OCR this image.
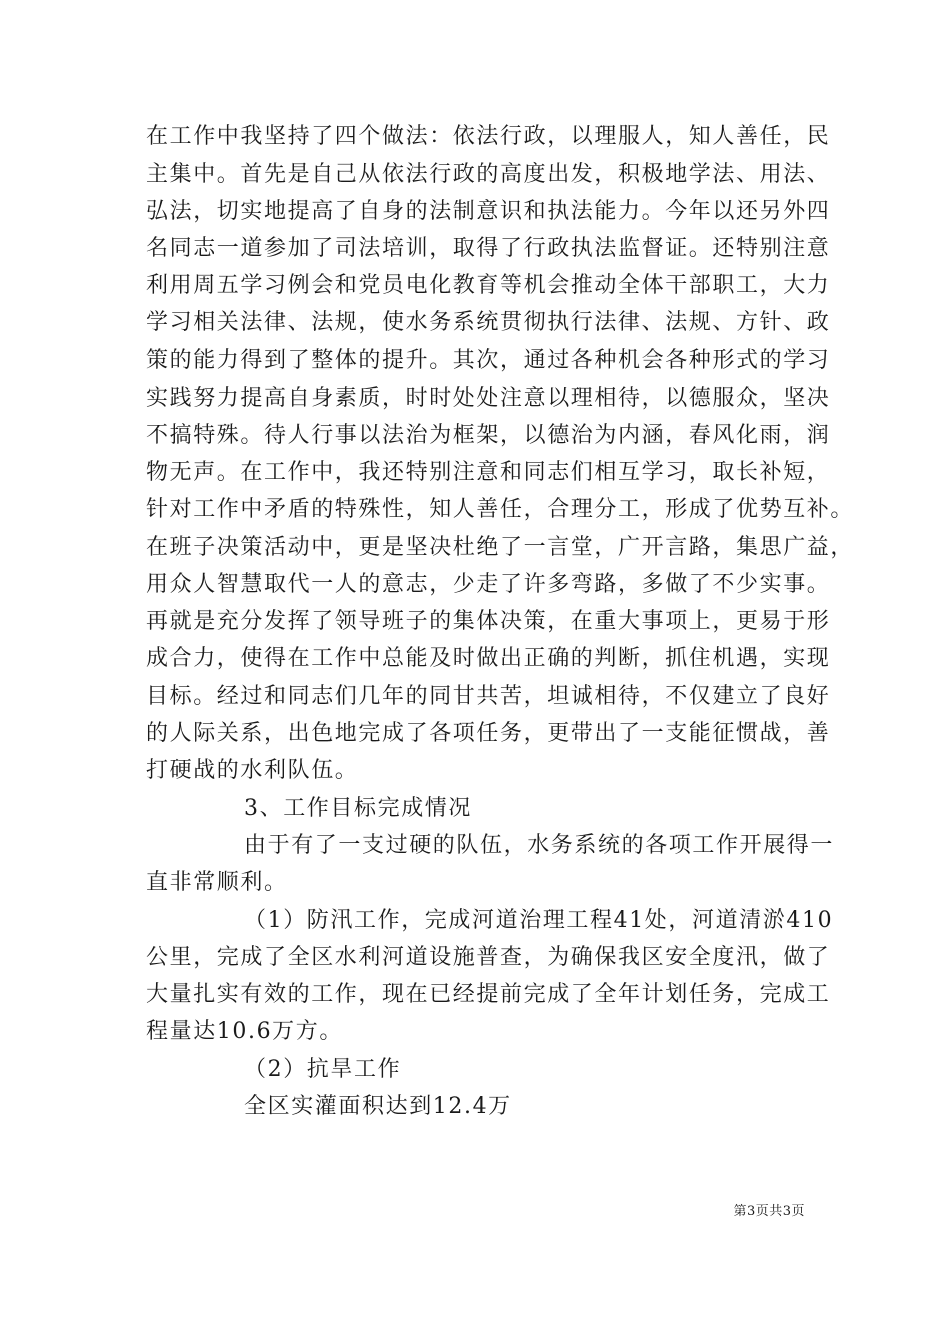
在工作中我坚持了四个做法：依法行政，以理服人，知人善任，民
主集中。首先是自己从依法行政的高度出发，积极地学法、用法、
弘法，切实地提高了自身的法制意识和执法能力。今年以还另外四
名同志一道参加了司法培训，取得了行政执法监督证。还特别注意
利用周五学习例会和党员电化教育等机会推动全体干部职工，大力
学习相关法律、法规，使水务系统贯彻执行法律、法规、方针、政
策的能力得到了整体的提升。其次，通过各种机会各种形式的学习
实践努力提高自身素质，时时处处注意以理相待，以德服众，坚决
不搞特殊。待人行事以法治为框架，以德治为内涵，春风化雨，润
物无声。在工作中，我还特别注意和同志们相互学习，取长补短，
针对工作中矛盾的特殊性，知人善任，合理分工，形成了优势互补。
在班子决策活动中，更是坚决杜绝了一言堂，广开言路，集思广益，
用众人智慧取代一人的意志，少走了许多弯路，多做了不少实事。
再就是充分发挥了领导班子的集体决策，在重大事项上，更易于形
成合力，使得在工作中总能及时做出正确的判断，抓住机遇，实现
目标。经过和同志们几年的同甘共苦，坦诚相待，不仅建立了良好
的人际关系，出色地完成了各项任务，更带出了一支能征惯战，善
打硬战的水利队伍。
3、工作目标完成情况
由于有了一支过硬的队伍，水务系统的各项工作开展得一
直非常顺利。
（1）防汛工作，完成河道治理工程41处，河道清淤410
公里，完成了全区水利河道设施普查，为确保我区安全度汛，做了
大量扎实有效的工作，现在已经提前完成了全年计划任务，完成工
程量达10.6万方。
（2）抗旱工作
全区实灌面积达到12.4万
第3页共3页
